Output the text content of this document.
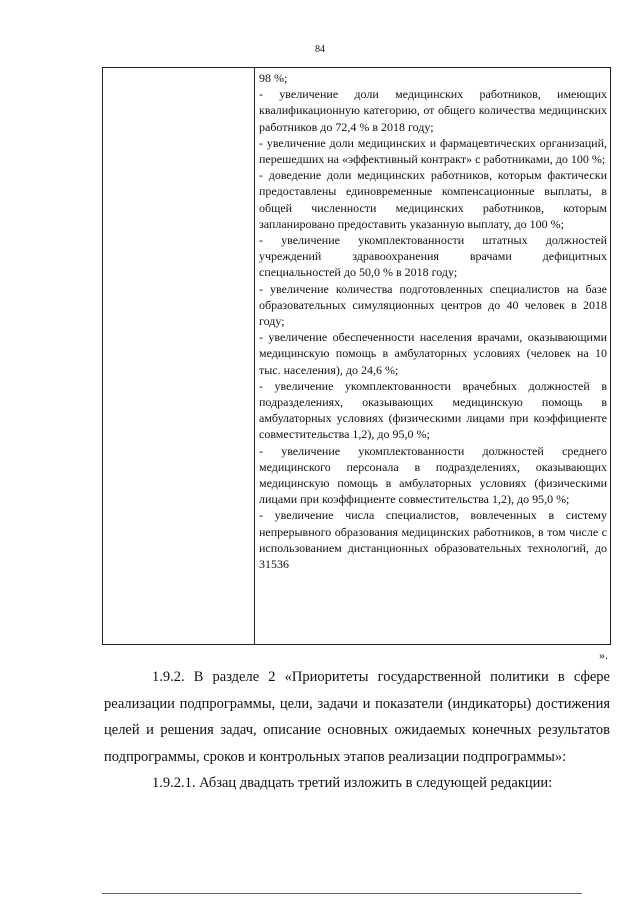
84

98 %;

- увеличение доли медицинских работников, имеющих квалификационную категорию, от общего количества медицинских работников до 72,4 % в 2018 году;

- увеличение доли медицинских и фармацевтических организаций, перешедших на «эффективный контракт» с работниками, до 100 %;

- доведение доли медицинских работников, которым фактически предоставлены единовременные компенсационные выплаты, в общей численности медицинских работников, которым запланировано предоставить указанную выплату, до 100 %;

- увеличение укомплектованности штатных должностей учреждений здравоохранения врачами дефицитных специальностей до 50,0 % в 2018 году;

- увеличение количества подготовленных специалистов на базе образовательных симуляционных центров до 40 человек в 2018 году;

- увеличение обеспеченности населения врачами, оказывающими медицинскую помощь в амбулаторных условиях (человек на 10 тыс. населения), до 24,6 %;

- увеличение укомплектованности врачебных должностей в подразделениях, оказывающих медицинскую помощь в амбулаторных условиях (физическими лицами при коэффициенте совместительства 1,2), до 95,0 %;

- увеличение укомплектованности должностей среднего медицинского персонала в подразделениях, оказывающих медицинскую помощь в амбулаторных условиях (физическими лицами при коэффициенте совместительства 1,2), до 95,0 %;

- увеличение числа специалистов, вовлеченных в систему непрерывного образования медицинских работников, в том числе с использованием дистанционных образовательных технологий, до 31536

».

1.9.2. В разделе 2 «Приоритеты государственной политики в сфере реализации подпрограммы, цели, задачи и показатели (индикаторы) достижения целей и решения задач, описание основных ожидаемых конечных результатов подпрограммы, сроков и контрольных этапов реализации подпрограммы»:

1.9.2.1. Абзац двадцать третий изложить в следующей редакции:
